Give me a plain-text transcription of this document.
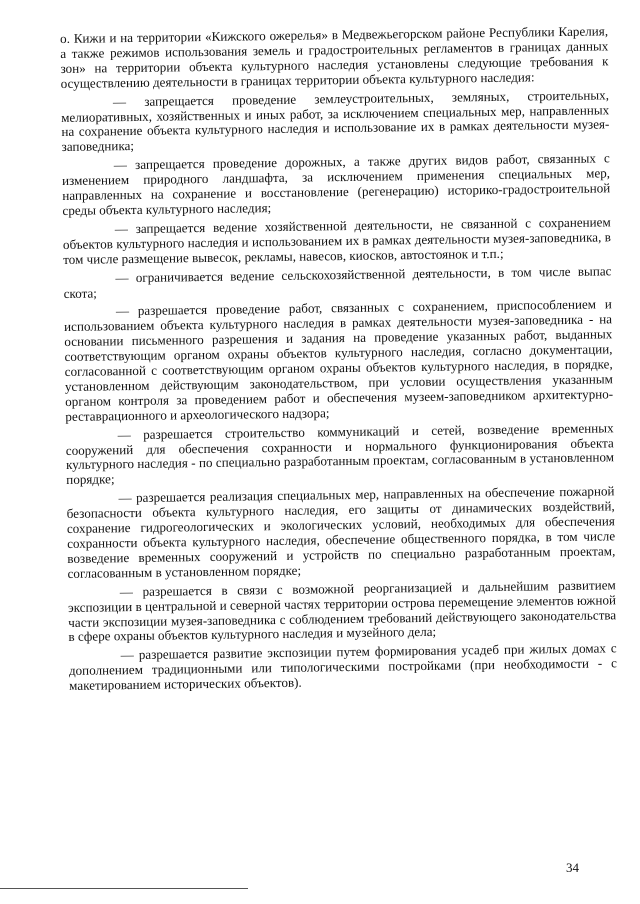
о. Кижи и на территории «Кижского ожерелья» в Медвежьегорском районе Республики Карелия, а также режимов использования земель и градостроительных регламентов в границах данных зон» на территории объекта культурного наследия установлены следующие требования к осуществлению деятельности в границах территории объекта культурного наследия:

— запрещается проведение землеустроительных, земляных, строительных, мелиоративных, хозяйственных и иных работ, за исключением специальных мер, направленных на сохранение объекта культурного наследия и использование их в рамках деятельности музея-заповедника;

— запрещается проведение дорожных, а также других видов работ, связанных с изменением природного ландшафта, за исключением применения специальных мер, направленных на сохранение и восстановление (регенерацию) историко-градостроительной среды объекта культурного наследия;

— запрещается ведение хозяйственной деятельности, не связанной с сохранением объектов культурного наследия и использованием их в рамках деятельности музея-заповедника, в том числе размещение вывесок, рекламы, навесов, киосков, автостоянок и т.п.;

— ограничивается ведение сельскохозяйственной деятельности, в том числе выпас скота;

— разрешается проведение работ, связанных с сохранением, приспособлением и использованием объекта культурного наследия в рамках деятельности музея-заповедника - на основании письменного разрешения и задания на проведение указанных работ, выданных соответствующим органом охраны объектов культурного наследия, согласно документации, согласованной с соответствующим органом охраны объектов культурного наследия, в порядке, установленном действующим законодательством, при условии осуществления указанным органом контроля за проведением работ и обеспечения музеем-заповедником архитектурно-реставрационного и археологического надзора;

— разрешается строительство коммуникаций и сетей, возведение временных сооружений для обеспечения сохранности и нормального функционирования объекта культурного наследия - по специально разработанным проектам, согласованным в установленном порядке;

— разрешается реализация специальных мер, направленных на обеспечение пожарной безопасности объекта культурного наследия, его защиты от динамических воздействий, сохранение гидрогеологических и экологических условий, необходимых для обеспечения сохранности объекта культурного наследия, обеспечение общественного порядка, в том числе возведение временных сооружений и устройств по специально разработанным проектам, согласованным в установленном порядке;

— разрешается в связи с возможной реорганизацией и дальнейшим развитием экспозиции в центральной и северной частях территории острова перемещение элементов южной части экспозиции музея-заповедника с соблюдением требований действующего законодательства в сфере охраны объектов культурного наследия и музейного дела;

— разрешается развитие экспозиции путем формирования усадеб при жилых домах с дополнением традиционными или типологическими постройками (при необходимости - с макетированием исторических объектов).

34
